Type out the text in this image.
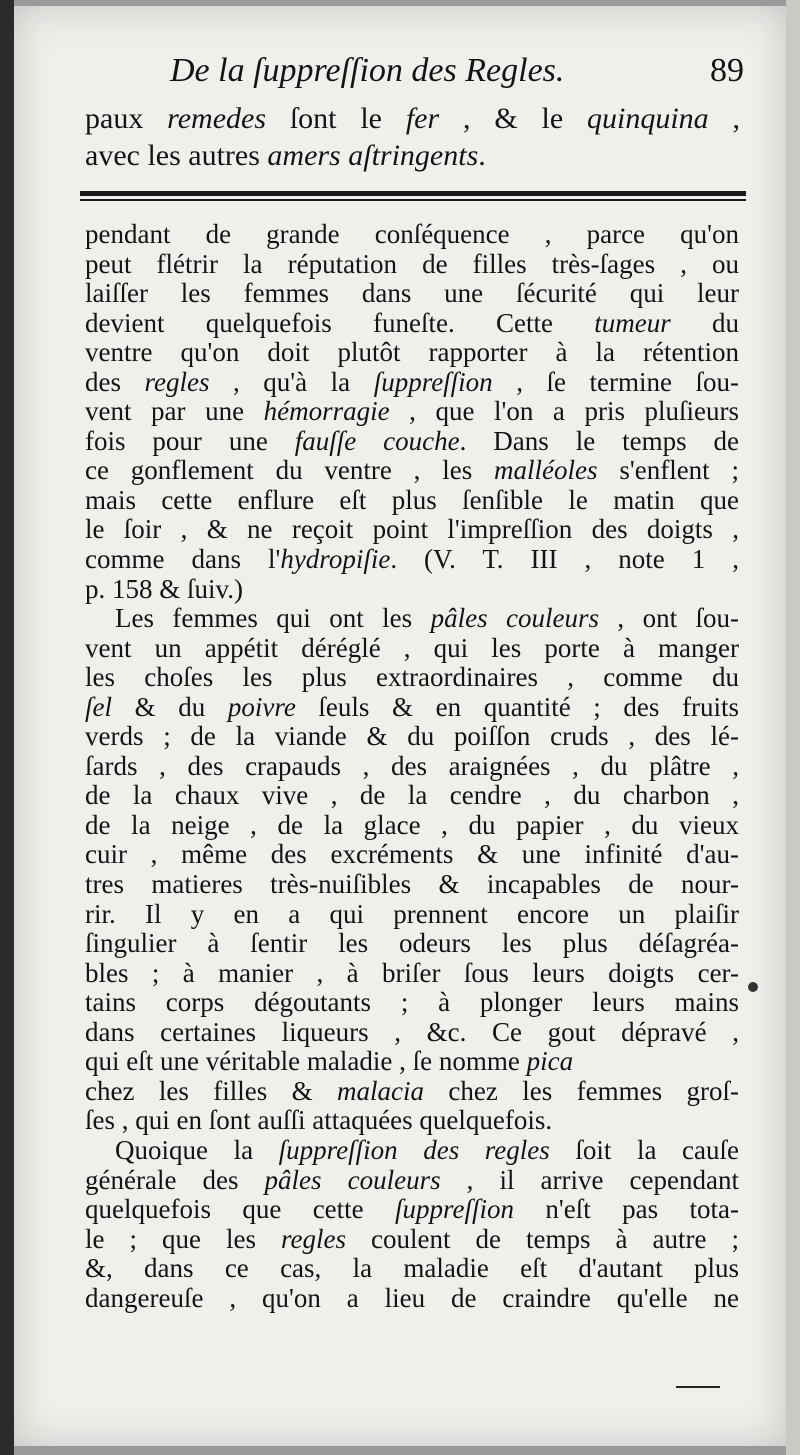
De la ſuppreſſion des Regles.	89
paux remedes ſont le fer , & le quinquina ,
avec les autres amers aſtringents.
pendant de grande conſéquence , parce qu'on
peut flétrir la réputation de filles très-ſages , ou
laiſſer les femmes dans une ſécurité qui leur
devient quelquefois funeſte. Cette tumeur du
ventre qu'on doit plutôt rapporter à la rétention
des regles , qu'à la ſuppreſſion , ſe termine ſou-
vent par une hémorragie , que l'on a pris pluſieurs
fois pour une fauſſe couche. Dans le temps de
ce gonflement du ventre , les malléoles s'enflent ;
mais cette enflure eſt plus ſenſible le matin que
le ſoir , & ne reçoit point l'impreſſion des doigts ,
comme dans l'hydropiſie. (V. T. III , note 1 ,
p. 158 & ſuiv.)
Les femmes qui ont les pâles couleurs , ont ſou-
vent un appétit déréglé , qui les porte à manger
les choſes les plus extraordinaires , comme du
ſel & du poivre ſeuls & en quantité ; des fruits
verds ; de la viande & du poiſſon cruds , des lé-
ſards , des crapauds , des araignées , du plâtre ,
de la chaux vive , de la cendre , du charbon ,
de la neige , de la glace , du papier , du vieux
cuir , même des excréments & une infinité d'au-
tres matieres très-nuiſibles & incapables de nour-
rir. Il y en a qui prennent encore un plaiſir
ſingulier à ſentir les odeurs les plus déſagréa-
bles ; à manier , à briſer ſous leurs doigts cer-
tains corps dégoutants ; à plonger leurs mains
dans certaines liqueurs , &c. Ce gout dépravé ,
qui eſt une véritable maladie , ſe nomme pica
chez les filles & malacia chez les femmes groſ-
ſes , qui en ſont auſſi attaquées quelquefois.
Quoique la ſuppreſſion des regles ſoit la cauſe
générale des pâles couleurs , il arrive cependant
quelquefois que cette ſuppreſſion n'eſt pas tota-
le ; que les regles coulent de temps à autre ;
&, dans ce cas, la maladie eſt d'autant plus
dangereuſe , qu'on a lieu de craindre qu'elle ne
